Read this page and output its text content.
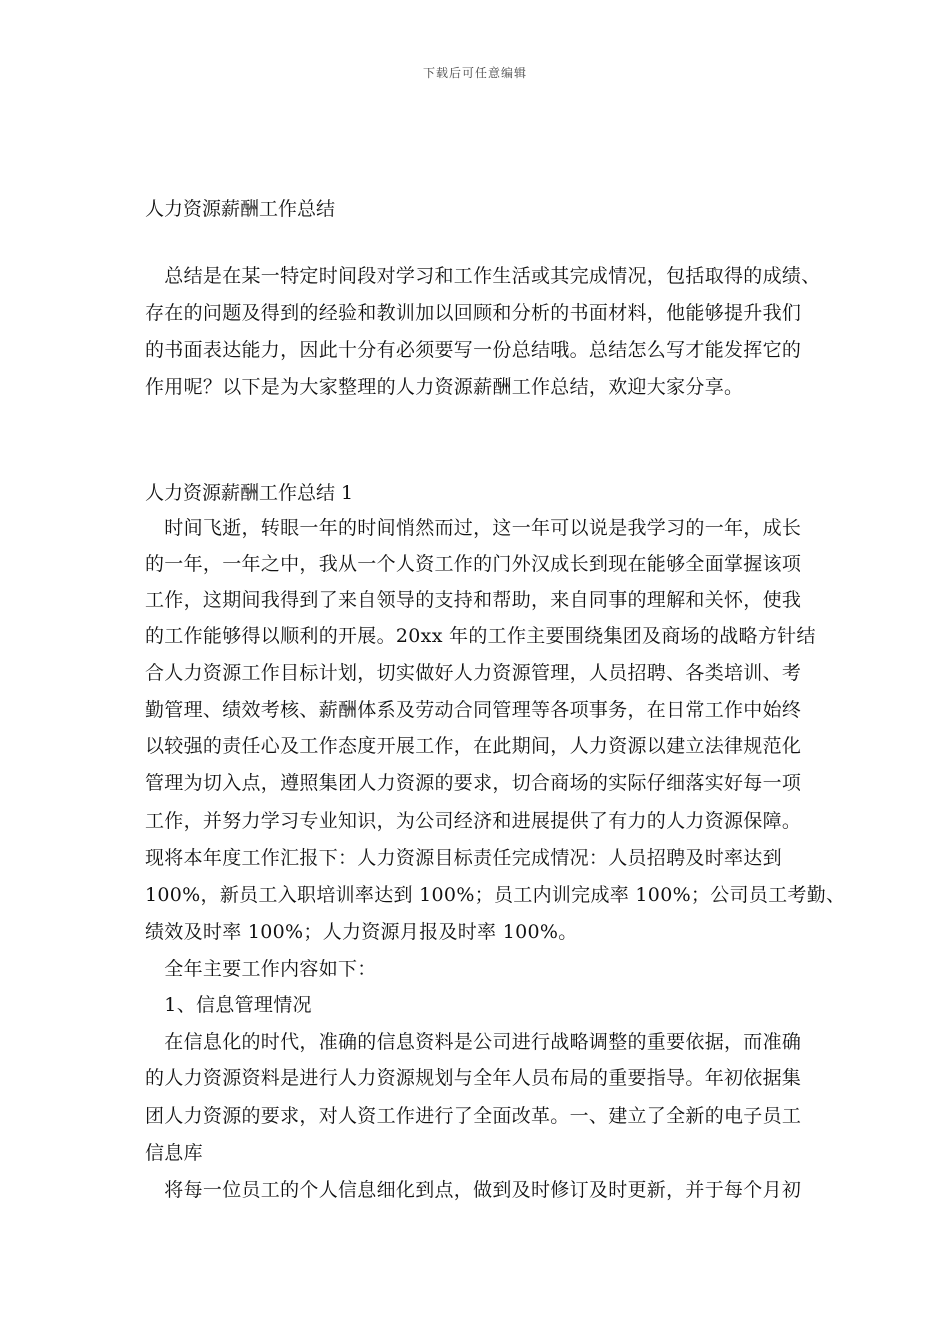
下载后可任意编辑
人力资源薪酬工作总结
　总结是在某一特定时间段对学习和工作生活或其完成情况，包括取得的成绩、
存在的问题及得到的经验和教训加以回顾和分析的书面材料，他能够提升我们
的书面表达能力，因此十分有必须要写一份总结哦。总结怎么写才能发挥它的
作用呢？以下是为大家整理的人力资源薪酬工作总结，欢迎大家分享。
人力资源薪酬工作总结 1
　时间飞逝，转眼一年的时间悄然而过，这一年可以说是我学习的一年，成长
的一年，一年之中，我从一个人资工作的门外汉成长到现在能够全面掌握该项
工作，这期间我得到了来自领导的支持和帮助，来自同事的理解和关怀，使我
的工作能够得以顺利的开展。20xx 年的工作主要围绕集团及商场的战略方针结
合人力资源工作目标计划，切实做好人力资源管理，人员招聘、各类培训、考
勤管理、绩效考核、薪酬体系及劳动合同管理等各项事务，在日常工作中始终
以较强的责任心及工作态度开展工作，在此期间，人力资源以建立法律规范化
管理为切入点，遵照集团人力资源的要求，切合商场的实际仔细落实好每一项
工作，并努力学习专业知识，为公司经济和进展提供了有力的人力资源保障。
现将本年度工作汇报下：人力资源目标责任完成情况：人员招聘及时率达到
100%，新员工入职培训率达到 100%；员工内训完成率 100%；公司员工考勤、
绩效及时率 100%；人力资源月报及时率 100%。
　全年主要工作内容如下：
　1、信息管理情况
　在信息化的时代，准确的信息资料是公司进行战略调整的重要依据，而准确
的人力资源资料是进行人力资源规划与全年人员布局的重要指导。年初依据集
团人力资源的要求，对人资工作进行了全面改革。一、建立了全新的电子员工
信息库
　将每一位员工的个人信息细化到点，做到及时修订及时更新，并于每个月初
